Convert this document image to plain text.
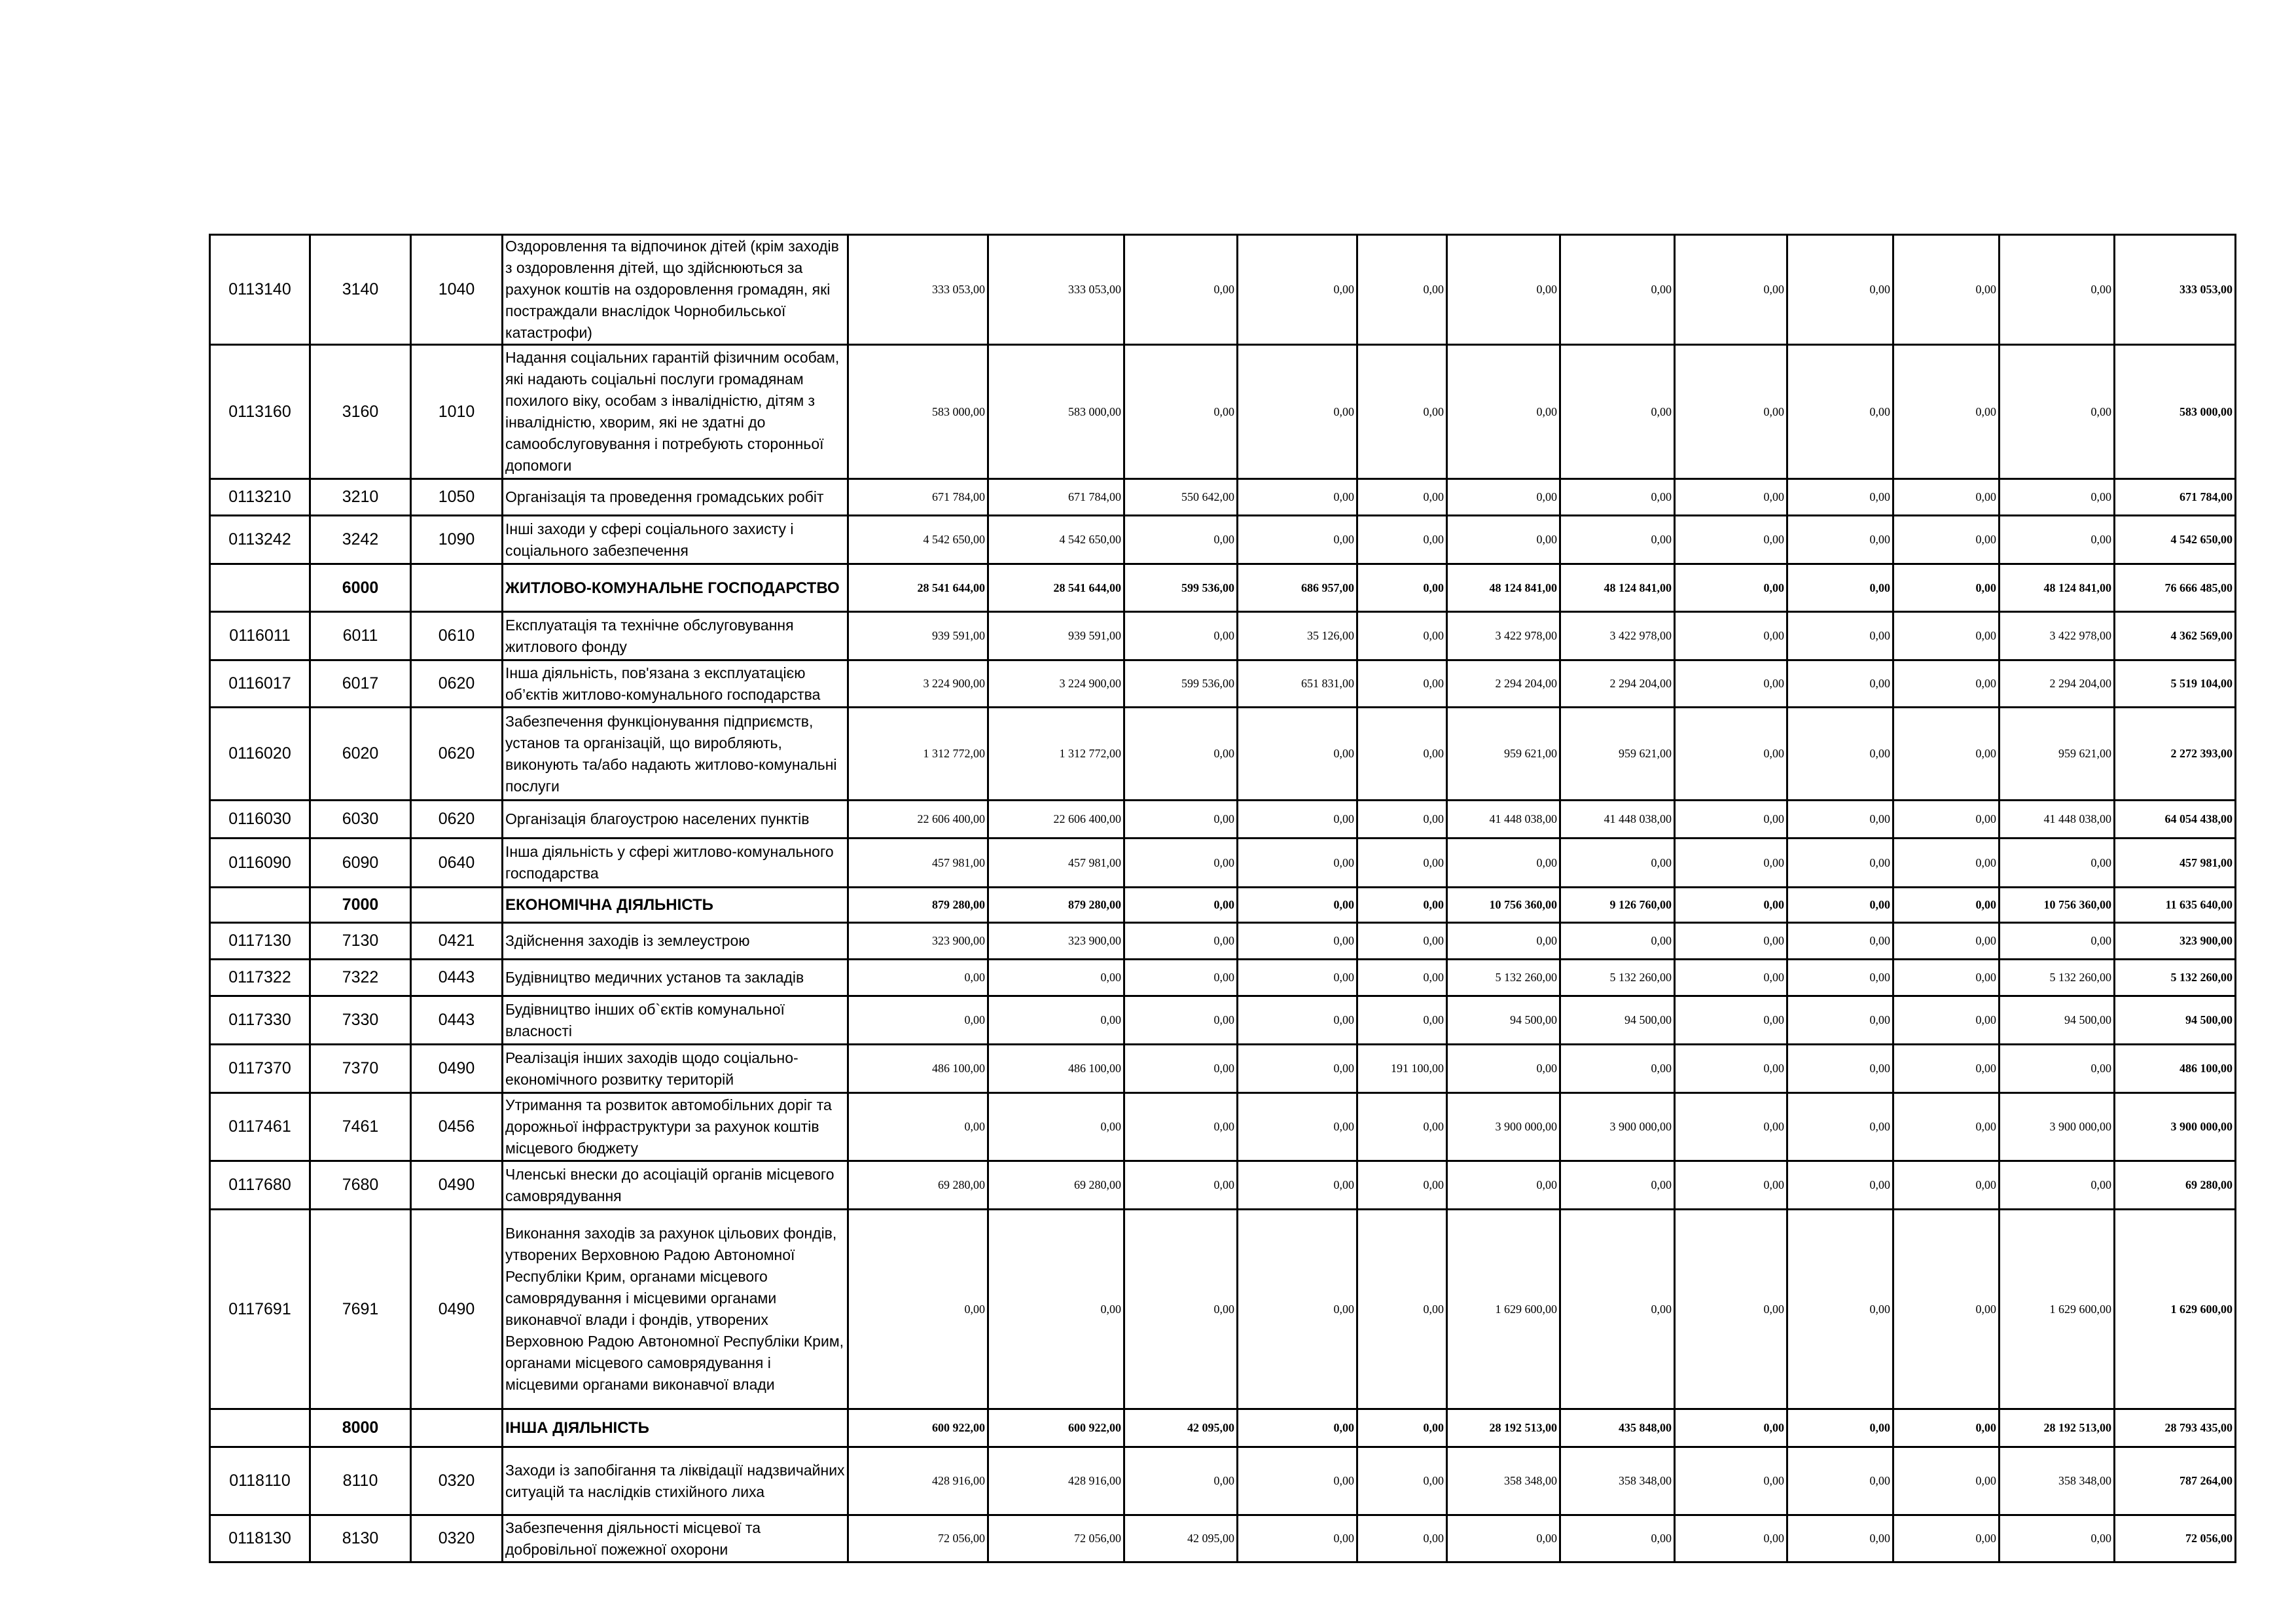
0113140	3140	1040	Оздоровлення та відпочинок дітей (крім заходів з оздоровлення дітей, що здійснюються за рахунок коштів на оздоровлення громадян, які постраждали внаслідок Чорнобильської катастрофи)	333 053,00	333 053,00	0,00	0,00	0,00	0,00	0,00	0,00	0,00	0,00	0,00	333 053,00
0113160	3160	1010	Надання соціальних гарантій фізичним особам, які надають соціальні послуги громадянам похилого віку, особам з інвалідністю, дітям з інвалідністю, хворим, які не здатні до самообслуговування і потребують сторонньої допомоги	583 000,00	583 000,00	0,00	0,00	0,00	0,00	0,00	0,00	0,00	0,00	0,00	583 000,00
0113210	3210	1050	Організація та проведення громадських робіт	671 784,00	671 784,00	550 642,00	0,00	0,00	0,00	0,00	0,00	0,00	0,00	0,00	671 784,00
0113242	3242	1090	Інші заходи у сфері соціального захисту і соціального забезпечення	4 542 650,00	4 542 650,00	0,00	0,00	0,00	0,00	0,00	0,00	0,00	0,00	0,00	4 542 650,00
	6000		ЖИТЛОВО-КОМУНАЛЬНЕ ГОСПОДАРСТВО	28 541 644,00	28 541 644,00	599 536,00	686 957,00	0,00	48 124 841,00	48 124 841,00	0,00	0,00	0,00	48 124 841,00	76 666 485,00
0116011	6011	0610	Експлуатація та технічне обслуговування житлового фонду	939 591,00	939 591,00	0,00	35 126,00	0,00	3 422 978,00	3 422 978,00	0,00	0,00	0,00	3 422 978,00	4 362 569,00
0116017	6017	0620	Інша діяльність, пов'язана з експлуатацією об’єктів житлово-комунального господарства	3 224 900,00	3 224 900,00	599 536,00	651 831,00	0,00	2 294 204,00	2 294 204,00	0,00	0,00	0,00	2 294 204,00	5 519 104,00
0116020	6020	0620	Забезпечення функціонування підприємств, установ та організацій, що виробляють, виконують та/або надають житлово-комунальні послуги	1 312 772,00	1 312 772,00	0,00	0,00	0,00	959 621,00	959 621,00	0,00	0,00	0,00	959 621,00	2 272 393,00
0116030	6030	0620	Організація благоустрою населених пунктів	22 606 400,00	22 606 400,00	0,00	0,00	0,00	41 448 038,00	41 448 038,00	0,00	0,00	0,00	41 448 038,00	64 054 438,00
0116090	6090	0640	Інша діяльність у сфері житлово-комунального господарства	457 981,00	457 981,00	0,00	0,00	0,00	0,00	0,00	0,00	0,00	0,00	0,00	457 981,00
	7000		ЕКОНОМІЧНА ДІЯЛЬНІСТЬ	879 280,00	879 280,00	0,00	0,00	0,00	10 756 360,00	9 126 760,00	0,00	0,00	0,00	10 756 360,00	11 635 640,00
0117130	7130	0421	Здійснення заходів із землеустрою	323 900,00	323 900,00	0,00	0,00	0,00	0,00	0,00	0,00	0,00	0,00	0,00	323 900,00
0117322	7322	0443	Будівництво медичних установ та закладів	0,00	0,00	0,00	0,00	0,00	5 132 260,00	5 132 260,00	0,00	0,00	0,00	5 132 260,00	5 132 260,00
0117330	7330	0443	Будівництво інших об`єктів комунальної власності	0,00	0,00	0,00	0,00	0,00	94 500,00	94 500,00	0,00	0,00	0,00	94 500,00	94 500,00
0117370	7370	0490	Реалізація інших заходів щодо соціально-економічного розвитку територій	486 100,00	486 100,00	0,00	0,00	191 100,00	0,00	0,00	0,00	0,00	0,00	0,00	486 100,00
0117461	7461	0456	Утримання та розвиток автомобільних доріг та дорожньої інфраструктури за рахунок коштів місцевого бюджету	0,00	0,00	0,00	0,00	0,00	3 900 000,00	3 900 000,00	0,00	0,00	0,00	3 900 000,00	3 900 000,00
0117680	7680	0490	Членські внески до асоціацій органів місцевого самоврядування	69 280,00	69 280,00	0,00	0,00	0,00	0,00	0,00	0,00	0,00	0,00	0,00	69 280,00
0117691	7691	0490	Виконання заходів за рахунок цільових фондів, утворених Верховною Радою Автономної Республіки Крим, органами місцевого самоврядування і місцевими органами виконавчої влади і фондів, утворених Верховною Радою Автономної Республіки Крим, органами місцевого самоврядування і місцевими органами виконавчої влади	0,00	0,00	0,00	0,00	0,00	1 629 600,00	0,00	0,00	0,00	0,00	1 629 600,00	1 629 600,00
	8000		ІНША ДІЯЛЬНІСТЬ	600 922,00	600 922,00	42 095,00	0,00	0,00	28 192 513,00	435 848,00	0,00	0,00	0,00	28 192 513,00	28 793 435,00
0118110	8110	0320	Заходи із запобігання та ліквідації надзвичайних ситуацій та наслідків стихійного лиха	428 916,00	428 916,00	0,00	0,00	0,00	358 348,00	358 348,00	0,00	0,00	0,00	358 348,00	787 264,00
0118130	8130	0320	Забезпечення діяльності місцевої та добровільної пожежної охорони	72 056,00	72 056,00	42 095,00	0,00	0,00	0,00	0,00	0,00	0,00	0,00	0,00	72 056,00
